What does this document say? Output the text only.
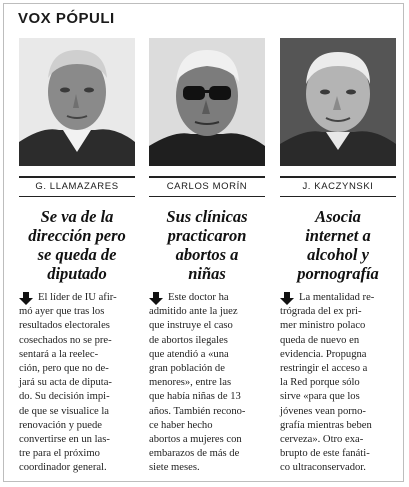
VOX PÓPULI
G. LLAMAZARES
Se va de la
dirección pero
se queda de
diputado
El líder de IU afir-
mó ayer que tras los
resultados electorales
cosechados no se pre-
sentará a la reelec-
ción, pero que no de-
jará su acta de diputa-
do. Su decisión impi-
de que se visualice la
renovación y puede
convertirse en un las-
tre para el próximo
coordinador general.
CARLOS MORÍN
Sus clínicas
practicaron
abortos a
niñas
Este doctor ha
admitido ante la juez
que instruye el caso
de abortos ilegales
que atendió a «una
gran población de
menores», entre las
que había niñas de 13
años. También recono-
ce haber hecho
abortos a mujeres con
embarazos de más de
siete meses.
J. KACZYNSKI
Asocia
internet a
alcohol y
pornografía
La mentalidad re-
trógrada del ex pri-
mer ministro polaco
queda de nuevo en
evidencia. Propugna
restringir el acceso a
la Red porque sólo
sirve «para que los
jóvenes vean porno-
grafía mientras beben
cerveza». Otro exa-
brupto de este fanáti-
co ultraconservador.
